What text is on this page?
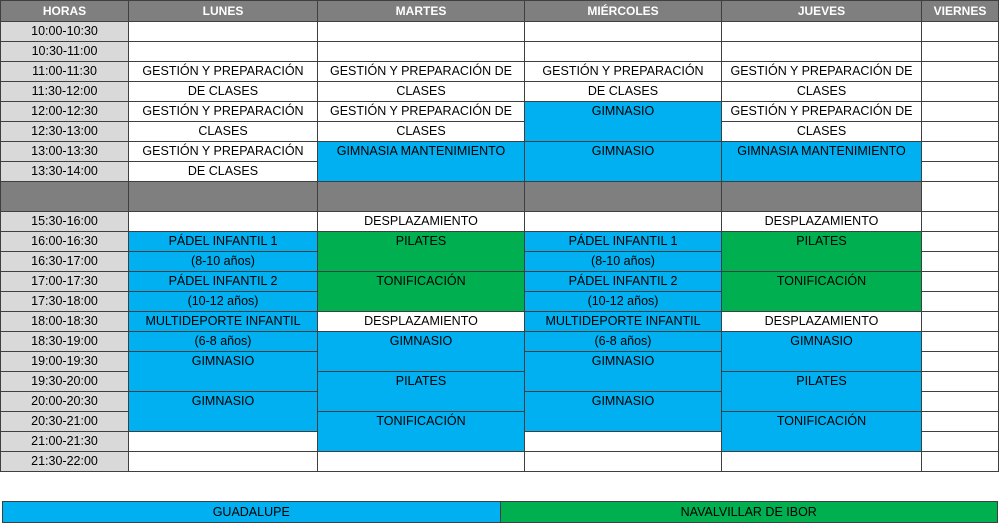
HORAS	LUNES	MARTES	MIÉRCOLES	JUEVES	VIERNES
10:00-10:30					
10:30-11:00					
11:00-11:30	GESTIÓN Y PREPARACIÓN	GESTIÓN Y PREPARACIÓN DE	GESTIÓN Y PREPARACIÓN	GESTIÓN Y PREPARACIÓN DE	
11:30-12:00	DE CLASES	CLASES	DE CLASES	CLASES	
12:00-12:30	GESTIÓN Y PREPARACIÓN	GESTIÓN Y PREPARACIÓN DE	GIMNASIO	GESTIÓN Y PREPARACIÓN DE	
12:30-13:00	CLASES	CLASES		CLASES	
13:00-13:30	GESTIÓN Y PREPARACIÓN	GIMNASIA MANTENIMIENTO	GIMNASIO	GIMNASIA MANTENIMIENTO	
13:30-14:00	DE CLASES				

15:30-16:00		DESPLAZAMIENTO		DESPLAZAMIENTO	
16:00-16:30	PÁDEL INFANTIL 1	PILATES	PÁDEL INFANTIL 1	PILATES	
16:30-17:00	(8-10 años)		(8-10 años)		
17:00-17:30	PÁDEL INFANTIL 2	TONIFICACIÓN	PÁDEL INFANTIL 2	TONIFICACIÓN	
17:30-18:00	(10-12 años)		(10-12 años)		
18:00-18:30	MULTIDEPORTE INFANTIL	DESPLAZAMIENTO	MULTIDEPORTE INFANTIL	DESPLAZAMIENTO	
18:30-19:00	(6-8 años)	GIMNASIO	(6-8 años)	GIMNASIO	
19:00-19:30	GIMNASIO		GIMNASIO		
19:30-20:00		PILATES		PILATES	
20:00-20:30	GIMNASIO		GIMNASIO		
20:30-21:00		TONIFICACIÓN		TONIFICACIÓN	
21:00-21:30					
21:30-22:00					
GUADALUPE	NAVALVILLAR DE IBOR
